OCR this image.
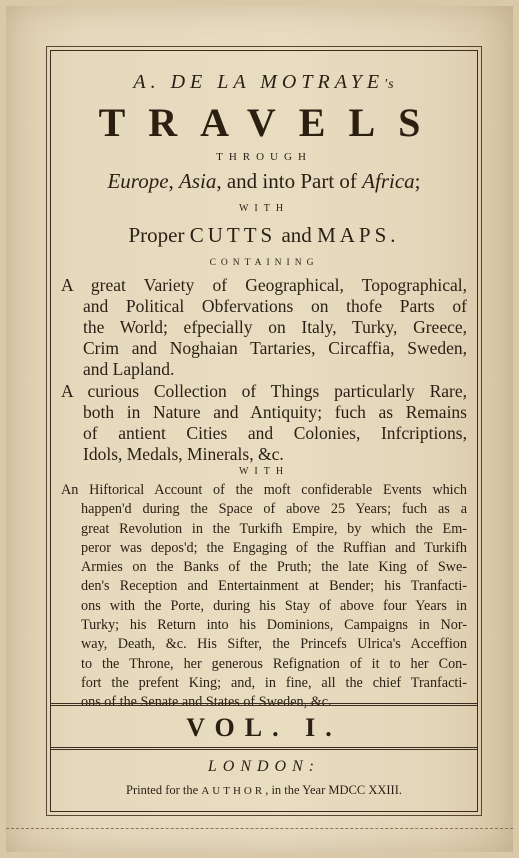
A. DE LA MOTRAYE's
TRAVELS
THROUGH
Europe, Asia, and into Part of Africa;
WITH
Proper CUTTS and MAPS.
CONTAINING
A great Variety of Geographical, Topographical,
and Political Obfervations on thofe Parts of
the World; efpecially on Italy, Turky, Greece,
Crim and Noghaian Tartaries, Circaffia, Sweden,
and Lapland.
A curious Collection of Things particularly Rare,
both in Nature and Antiquity; fuch as Remains
of antient Cities and Colonies, Infcriptions,
Idols, Medals, Minerals, &c.
WITH
An Hiftorical Account of the moft confiderable Events which
happen'd during the Space of above 25 Years; fuch as a
great Revolution in the Turkifh Empire, by which the Em-
peror was depos'd; the Engaging of the Ruffian and Turkifh
Armies on the Banks of the Pruth; the late King of Swe-
den's Reception and Entertainment at Bender; his Tranfacti-
ons with the Porte, during his Stay of above four Years in
Turky; his Return into his Dominions, Campaigns in Nor-
way, Death, &c. His Sifter, the Princefs Ulrica's Acceffion
to the Throne, her generous Refignation of it to her Con-
fort the prefent King; and, in fine, all the chief Tranfacti-
ons of the Senate and States of Sweden, &c.
VOL. I.
LONDON:
Printed for the AUTHOR, in the Year MDCC XXIII.
